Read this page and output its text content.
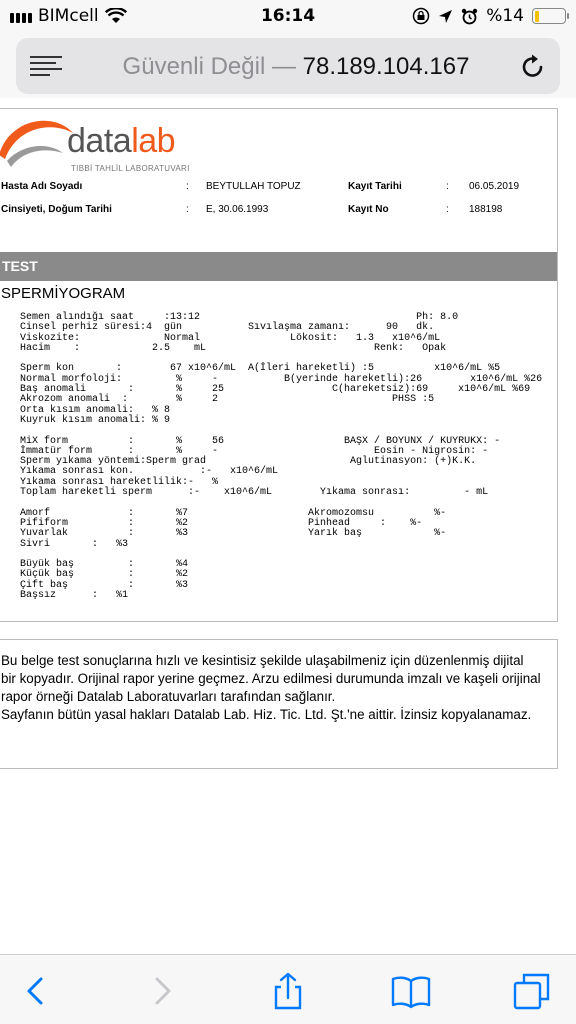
BIMcell	16:14	%14
Güvenli Değil — 78.189.104.167
datalab
TIBBİ TAHLİL LABORATUVARI
Hasta Adı Soyadı	: BEYTULLAH TOPUZ	Kayıt Tarihi	: 06.05.2019
Cinsiyeti, Doğum Tarihi	: E, 30.06.1993	Kayıt No	: 188198
TEST
SPERMİYOGRAM
Semen alındığı saat     :13:12                                    Ph: 8.0
Cinsel perhiz süresi:4  gün           Sıvılaşma zamanı:      90   dk.
Viskozite:              Normal               Lökosit:   1.3   x10^6/mL
Hacim    :            2.5    mL                            Renk:   Opak

Sperm kon       :        67 x10^6/mL  A(İleri hareketli) :5          x10^6/mL %5
Normal morfoloji:         %     -           B(yerinde hareketli):26        x10^6/mL %26
Baş anomali       :       %     25                  C(hareketsiz):69     x10^6/mL %69
Akrozom anomali  :        %     2                             PHSS :5
Orta kısım anomali:   % 8
Kuyruk kısım anomali: % 9

MiX form          :       %     56                    BAŞX / BOYUNX / KUYRUKX: -
İmmatür form      :       %     -                          Eosin - Nigrosin: -
Sperm yıkama yöntemi:Sperm grad                        Aglutinasyon: (+)K.K.
Yıkama sonrası kon.           :-   x10^6/mL
Yıkama sonrası hareketlilik:-   %
Toplam hareketli sperm      :-    x10^6/mL        Yıkama sonrası:         - mL

Amorf             :       %7                    Akromozomsu          %-
Pifiform          :       %2                    Pinhead     :    %-
Yuvarlak          :       %3                    Yarık baş            %-
Sivri       :   %3

Büyük baş         :       %4
Küçük baş         :       %2
Çift baş          :       %3
Başsız      :   %1
Bu belge test sonuçlarına hızlı ve kesintisiz şekilde ulaşabilmeniz için düzenlenmiş dijital bir kopyadır. Orijinal rapor yerine geçmez. Arzu edilmesi durumunda imzalı ve kaşeli orijinal rapor örneği Datalab Laboratuvarları tarafından sağlanır.
Sayfanın bütün yasal hakları Datalab Lab. Hiz. Tic. Ltd. Şt.'ne aittir. İzinsiz kopyalanamaz.
